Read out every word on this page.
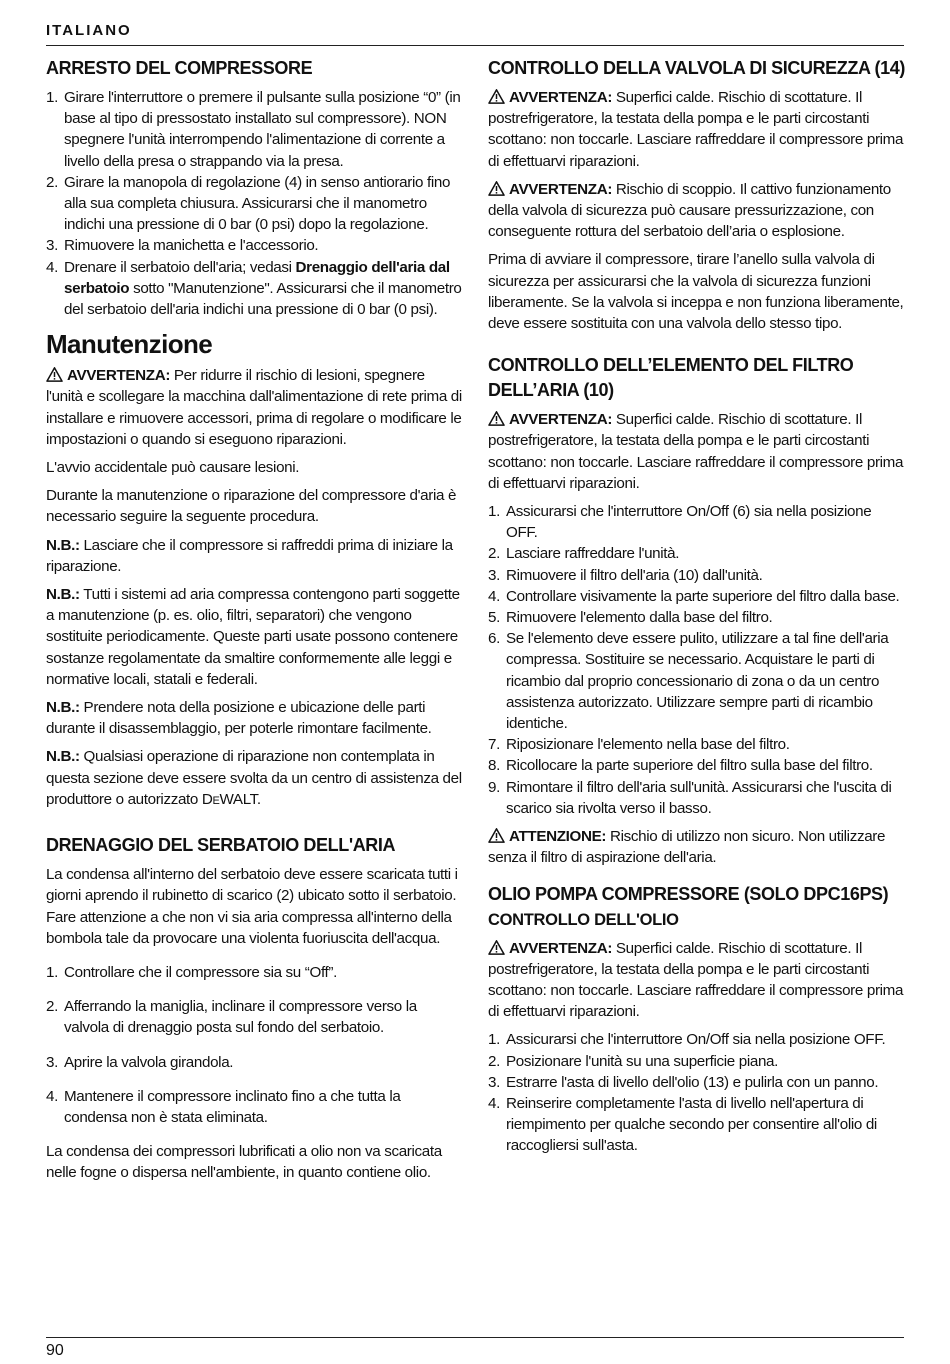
ITALIANO
ARRESTO DEL COMPRESSORE
1. Girare l'interruttore o premere il pulsante sulla posizione “0” (in base al tipo di pressostato installato sul compressore). NON spegnere l'unità interrompendo l'alimentazione di corrente a livello della presa o strappando via la presa.
2. Girare la manopola di regolazione (4) in senso antiorario fino alla sua completa chiusura. Assicurarsi che il manometro indichi una pressione di 0 bar (0 psi) dopo la regolazione.
3. Rimuovere la manichetta e l'accessorio.
4. Drenare il serbatoio dell'aria; vedasi Drenaggio dell'aria dal serbatoio sotto "Manutenzione". Assicurarsi che il manometro del serbatoio dell'aria indichi una pressione di 0 bar (0 psi).
Manutenzione

AVVERTENZA: Per ridurre il rischio di lesioni, spegnere l'unità e scollegare la macchina dall'alimentazione di rete prima di installare e rimuovere accessori, prima di regolare o modificare le impostazioni o quando si eseguono riparazioni.

L'avvio accidentale può causare lesioni.

Durante la manutenzione o riparazione del compressore d'aria è necessario seguire la seguente procedura.

N.B.: Lasciare che il compressore si raffreddi prima di iniziare la riparazione.

N.B.: Tutti i sistemi ad aria compressa contengono parti soggette a manutenzione (p. es. olio, filtri, separatori) che vengono sostituite periodicamente. Queste parti usate possono contenere sostanze regolamentate da smaltire conformemente alle leggi e normative locali, statali e federali.

N.B.: Prendere nota della posizione e ubicazione delle parti durante il disassemblaggio, per poterle rimontare facilmente.

N.B.: Qualsiasi operazione di riparazione non contemplata in questa sezione deve essere svolta da un centro di assistenza del produttore o autorizzato DEWALT.

DRENAGGIO DEL SERBATOIO DELL'ARIA

La condensa all'interno del serbatoio deve essere scaricata tutti i giorni aprendo il rubinetto di scarico (2) ubicato sotto il serbatoio. Fare attenzione a che non vi sia aria compressa all'interno della bombola tale da provocare una violenta fuoriuscita dell'acqua.

1. Controllare che il compressore sia su “Off”.
2. Afferrando la maniglia, inclinare il compressore verso la valvola di drenaggio posta sul fondo del serbatoio.
3. Aprire la valvola girandola.
4. Mantenere il compressore inclinato fino a che tutta la condensa non è stata eliminata.

La condensa dei compressori lubrificati a olio non va scaricata nelle fogne o dispersa nell'ambiente, in quanto contiene olio.

CONTROLLO DELLA VALVOLA DI SICUREZZA (14)

AVVERTENZA: Superfici calde. Rischio di scottature. Il postrefrigeratore, la testata della pompa e le parti circostanti scottano: non toccarle. Lasciare raffreddare il compressore prima di effettuarvi riparazioni.

AVVERTENZA: Rischio di scoppio. Il cattivo funzionamento della valvola di sicurezza può causare pressurizzazione, con conseguente rottura del serbatoio dell’aria o esplosione.

Prima di avviare il compressore, tirare l’anello sulla valvola di sicurezza per assicurarsi che la valvola di sicurezza funzioni liberamente. Se la valvola si inceppa e non funziona liberamente, deve essere sostituita con una valvola dello stesso tipo.

CONTROLLO DELL’ELEMENTO DEL FILTRO
DELL’ARIA (10)

AVVERTENZA: Superfici calde. Rischio di scottature. Il postrefrigeratore, la testata della pompa e le parti circostanti scottano: non toccarle. Lasciare raffreddare il compressore prima di effettuarvi riparazioni.

1. Assicurarsi che l'interruttore On/Off (6) sia nella posizione OFF.
2. Lasciare raffreddare l'unità.
3. Rimuovere il filtro dell'aria (10) dall'unità.
4. Controllare visivamente la parte superiore del filtro dalla base.
5. Rimuovere l'elemento dalla base del filtro.
6. Se l'elemento deve essere pulito, utilizzare a tal fine dell'aria compressa. Sostituire se necessario. Acquistare le parti di ricambio dal proprio concessionario di zona o da un centro assistenza autorizzato. Utilizzare sempre parti di ricambio identiche.
7. Riposizionare l'elemento nella base del filtro.
8. Ricollocare la parte superiore del filtro sulla base del filtro.
9. Rimontare il filtro dell'aria sull'unità. Assicurarsi che l'uscita di scarico sia rivolta verso il basso.

ATTENZIONE: Rischio di utilizzo non sicuro. Non utilizzare senza il filtro di aspirazione dell'aria.

OLIO POMPA COMPRESSORE (SOLO DPC16PS)
CONTROLLO DELL'OLIO

AVVERTENZA: Superfici calde. Rischio di scottature. Il postrefrigeratore, la testata della pompa e le parti circostanti scottano: non toccarle. Lasciare raffreddare il compressore prima di effettuarvi riparazioni.

1. Assicurarsi che l'interruttore On/Off sia nella posizione OFF.
2. Posizionare l'unità su una superficie piana.
3. Estrarre l'asta di livello dell'olio (13) e pulirla con un panno.
4. Reinserire completamente l'asta di livello nell'apertura di riempimento per qualche secondo per consentire all'olio di raccogliersi sull'asta.
90
